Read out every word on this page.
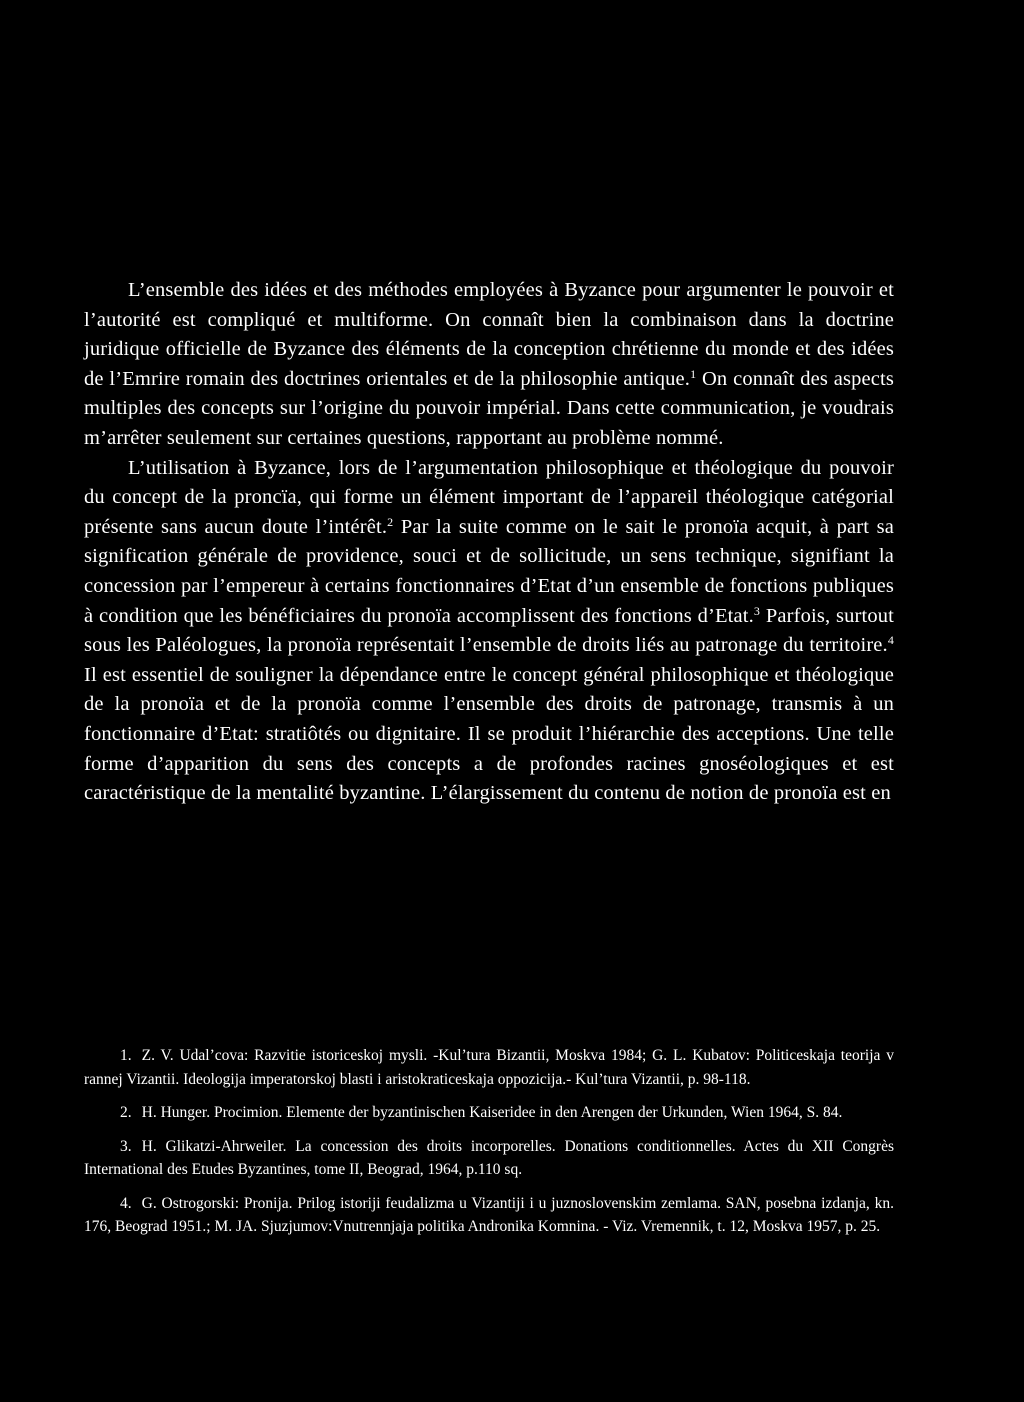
L’ensemble des idées et des méthodes employées à Byzance pour argumenter le pouvoir et l’autorité est compliqué et multiforme. On connaît bien la combinaison dans la doctrine juridique officielle de Byzance des éléments de la conception chrétienne du monde et des idées de l’Emrire romain des doctrines orientales et de la philosophie antique.$^1$ On connaît des aspects multiples des concepts sur l’origine du pouvoir impérial. Dans cette communication, je voudrais m’arrêter seulement sur certaines questions, rapportant au problème nommé.

L’utilisation à Byzance, lors de l’argumentation philosophique et théologique du pouvoir du concept de la proncïa, qui forme un élément important de l’appareil théologique catégorial présente sans aucun doute l’intérêt.$^2$ Par la suite comme on le sait le pronoïa acquit, à part sa signification générale de providence, souci et de sollicitude, un sens technique, signifiant la concession par l’empereur à certains fonctionnaires d’Etat d’un ensemble de fonctions publiques à condition que les bénéficiaires du pronoïa accomplissent des fonctions d’Etat.$^3$ Parfois, surtout sous les Paléologues, la pronoïa représentait l’ensemble de droits liés au patronage du territoire.$^4$ Il est essentiel de souligner la dépendance entre le concept général philosophique et théologique de la pronoïa et de la pronoïa comme l’ensemble des droits de patronage, transmis à un fonctionnaire d’Etat: stratiôtés ou dignitaire. Il se produit l’hiérarchie des acceptions. Une telle forme d’apparition du sens des concepts a de profondes racines gnoséologiques et est caractéristique de la mentalité byzantine. L’élargissement du contenu de notion de pronoïa est en

1. Z. V. Udal’cova: Razvitie istoriceskoj mysli. -Kul’tura Bizantii, Moskva 1984; G. L. Kubatov: Politiceskaja teorija v rannej Vizantii. Ideologija imperatorskoj blasti i aristokraticeskaja oppozicija.- Kul’tura Vizantii, p. 98-118.

2. H. Hunger. Procimion. Elemente der byzantinischen Kaiseridee in den Arengen der Urkunden, Wien 1964, S. 84.

3. H. Glikatzi-Ahrweiler. La concession des droits incorporelles. Donations conditionnelles. Actes du XII Congrès International des Etudes Byzantines, tome II, Beograd, 1964, p.110 sq.

4. G. Ostrogorski: Pronija. Prilog istoriji feudalizma u Vizantiji i u juznoslovenskim zemlama. SAN, posebna izdanja, kn. 176, Beograd 1951.; M. JA. Sjuzjumov:Vnutrennjaja politika Andronika Komnina. - Viz. Vremennik, t. 12, Moskva 1957, p. 25.
